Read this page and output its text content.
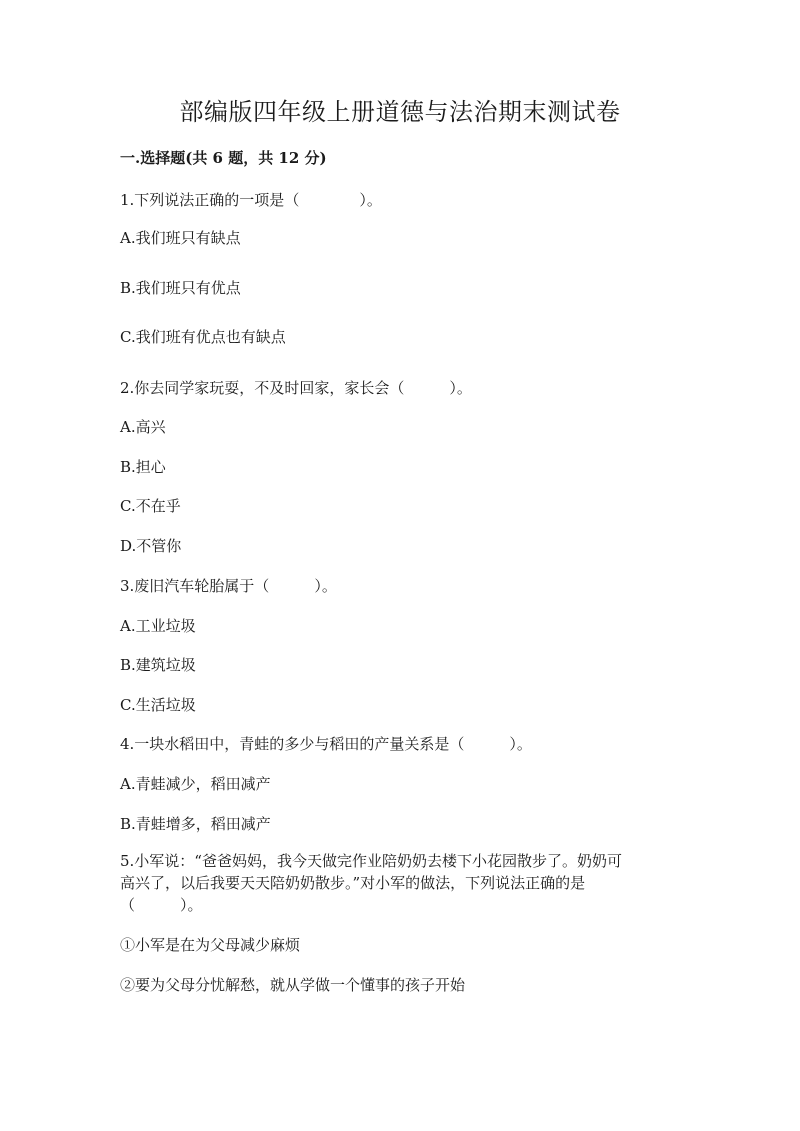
部编版四年级上册道德与法治期末测试卷
一.选择题(共 6 题，共 12 分)

1.下列说法正确的一项是（　　　　）。

A.我们班只有缺点

B.我们班只有优点

C.我们班有优点也有缺点

2.你去同学家玩耍，不及时回家，家长会（　　　）。

A.高兴

B.担心

C.不在乎

D.不管你

3.废旧汽车轮胎属于（　　　）。

A.工业垃圾

B.建筑垃圾

C.生活垃圾

4.一块水稻田中，青蛙的多少与稻田的产量关系是（　　　）。

A.青蛙减少，稻田减产

B.青蛙增多，稻田减产

5.小军说：“爸爸妈妈，我今天做完作业陪奶奶去楼下小花园散步了。奶奶可
高兴了，以后我要天天陪奶奶散步。”对小军的做法，下列说法正确的是
（　　　）。

①小军是在为父母减少麻烦

②要为父母分忧解愁，就从学做一个懂事的孩子开始
